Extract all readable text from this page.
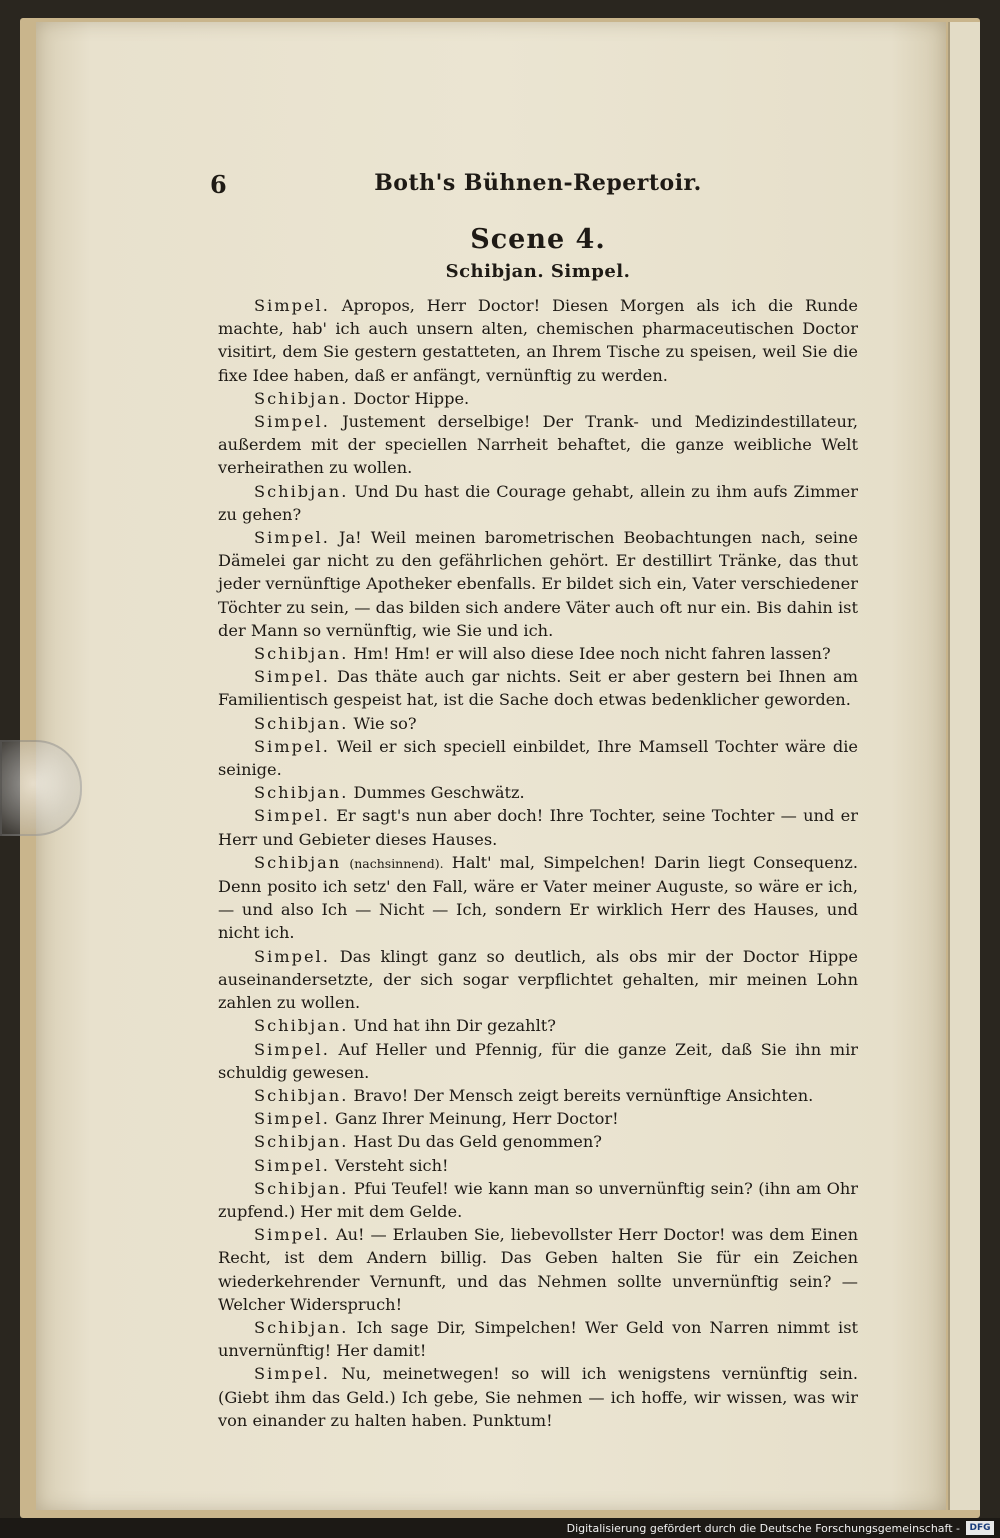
6	Both's Bühnen-Repertoir.
Scene 4.
Schibjan. Simpel.

Simpel. Apropos, Herr Doctor! Diesen Morgen als ich die Runde machte, hab' ich auch unsern alten, chemischen pharmaceutischen Doctor visitirt, dem Sie gestern gestatteten, an Ihrem Tische zu speisen, weil Sie die fixe Idee haben, daß er anfängt, vernünftig zu werden.

Schibjan. Doctor Hippe.

Simpel. Justement derselbige! Der Trank- und Medizindestillateur, außerdem mit der speciellen Narrheit behaftet, die ganze weibliche Welt verheirathen zu wollen.

Schibjan. Und Du hast die Courage gehabt, allein zu ihm aufs Zimmer zu gehen?

Simpel. Ja! Weil meinen barometrischen Beobachtungen nach, seine Dämelei gar nicht zu den gefährlichen gehört. Er destillirt Tränke, das thut jeder vernünftige Apotheker ebenfalls. Er bildet sich ein, Vater verschiedener Töchter zu sein, — das bilden sich andere Väter auch oft nur ein. Bis dahin ist der Mann so vernünftig, wie Sie und ich.

Schibjan. Hm! Hm! er will also diese Idee noch nicht fahren lassen?

Simpel. Das thäte auch gar nichts. Seit er aber gestern bei Ihnen am Familientisch gespeist hat, ist die Sache doch etwas bedenklicher geworden.

Schibjan. Wie so?

Simpel. Weil er sich speciell einbildet, Ihre Mamsell Tochter wäre die seinige.

Schibjan. Dummes Geschwätz.

Simpel. Er sagt's nun aber doch! Ihre Tochter, seine Tochter — und er Herr und Gebieter dieses Hauses.

Schibjan (nachsinnend). Halt' mal, Simpelchen! Darin liegt Consequenz. Denn posito ich setz' den Fall, wäre er Vater meiner Auguste, so wäre er ich, — und also Ich — Nicht — Ich, sondern Er wirklich Herr des Hauses, und nicht ich.

Simpel. Das klingt ganz so deutlich, als obs mir der Doctor Hippe auseinandersetzte, der sich sogar verpflichtet gehalten, mir meinen Lohn zahlen zu wollen.

Schibjan. Und hat ihn Dir gezahlt?

Simpel. Auf Heller und Pfennig, für die ganze Zeit, daß Sie ihn mir schuldig gewesen.

Schibjan. Bravo! Der Mensch zeigt bereits vernünftige Ansichten.

Simpel. Ganz Ihrer Meinung, Herr Doctor!

Schibjan. Hast Du das Geld genommen?

Simpel. Versteht sich!

Schibjan. Pfui Teufel! wie kann man so unvernünftig sein? (ihn am Ohr zupfend.) Her mit dem Gelde.

Simpel. Au! — Erlauben Sie, liebevollster Herr Doctor! was dem Einen Recht, ist dem Andern billig. Das Geben halten Sie für ein Zeichen wiederkehrender Vernunft, und das Nehmen sollte unvernünftig sein? — Welcher Widerspruch!

Schibjan. Ich sage Dir, Simpelchen! Wer Geld von Narren nimmt ist unvernünftig! Her damit!

Simpel. Nu, meinetwegen! so will ich wenigstens vernünftig sein. (Giebt ihm das Geld.) Ich gebe, Sie nehmen — ich hoffe, wir wissen, was wir von einander zu halten haben. Punktum!

Digitalisierung gefördert durch die Deutsche Forschungsgemeinschaft -	DFG
